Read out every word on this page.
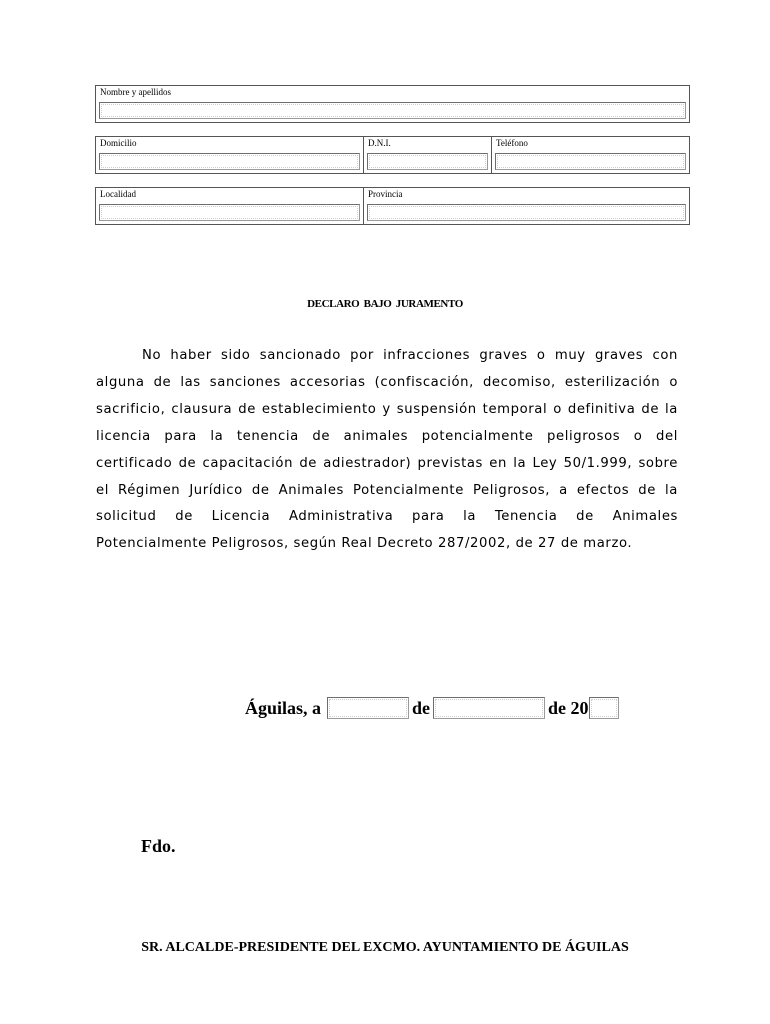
Nombre y apellidos
Domicilio	D.N.I.	Teléfono
Localidad	Provincia
DECLARO BAJO JURAMENTO

No haber sido sancionado por infracciones graves o muy graves con alguna de las sanciones accesorias (confiscación, decomiso, esterilización o sacrificio, clausura de establecimiento y suspensión temporal o definitiva de la licencia para la tenencia de animales potencialmente peligrosos o del certificado de capacitación de adiestrador) previstas en la Ley 50/1.999, sobre el Régimen Jurídico de Animales Potencialmente Peligrosos, a efectos de la solicitud de Licencia Administrativa para la Tenencia de Animales Potencialmente Peligrosos, según Real Decreto 287/2002, de 27 de marzo.

Águilas, a	de	de 20
Fdo.
SR. ALCALDE-PRESIDENTE DEL EXCMO. AYUNTAMIENTO DE ÁGUILAS
